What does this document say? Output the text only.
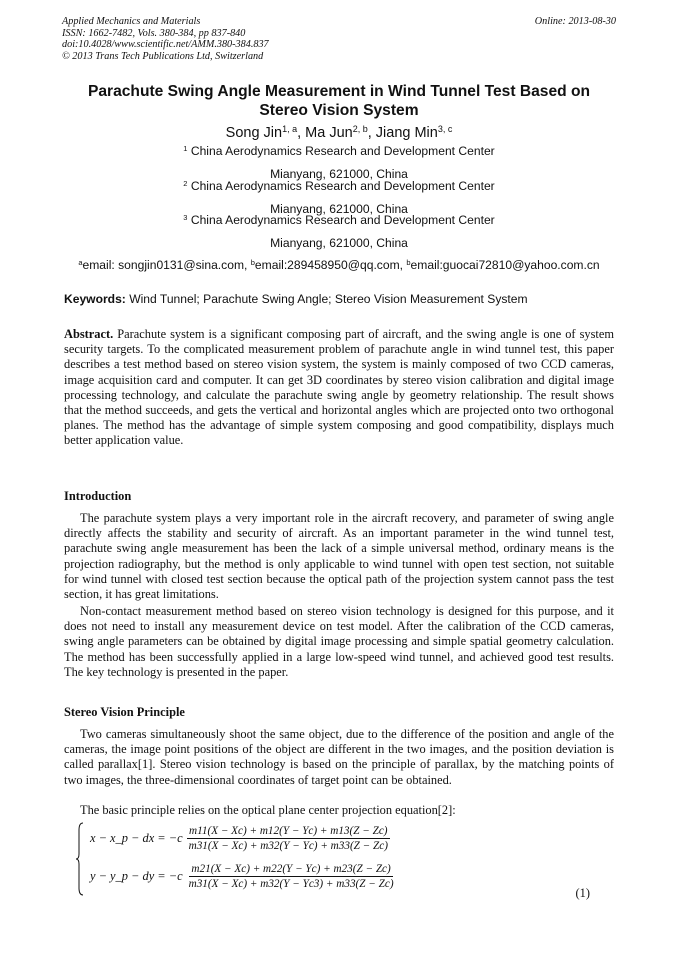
Applied Mechanics and Materials
ISSN: 1662-7482, Vols. 380-384, pp 837-840
doi:10.4028/www.scientific.net/AMM.380-384.837
© 2013 Trans Tech Publications Ltd, Switzerland
Online: 2013-08-30
Parachute Swing Angle Measurement in Wind Tunnel Test Based on
Stereo Vision System
Song Jin$^{1, a}$, Ma Jun$^{2, b}$, Jiang Min$^{3, c}$
$^1$ China Aerodynamics Research and Development Center
Mianyang, 621000, China
$^2$ China Aerodynamics Research and Development Center
Mianyang, 621000, China
$^3$ China Aerodynamics Research and Development Center
Mianyang, 621000, China
$^a$email: songjin0131@sina.com, $^b$email:289458950@qq.com, $^b$email:guocai72810@yahoo.com.cn
Keywords: Wind Tunnel; Parachute Swing Angle; Stereo Vision Measurement System
Abstract. Parachute system is a significant composing part of aircraft, and the swing angle is one of system security targets. To the complicated measurement problem of parachute angle in wind tunnel test, this paper describes a test method based on stereo vision system, the system is mainly composed of two CCD cameras, image acquisition card and computer. It can get 3D coordinates by stereo vision calibration and digital image processing technology, and calculate the parachute swing angle by geometry relationship. The result shows that the method succeeds, and gets the vertical and horizontal angles which are projected onto two orthogonal planes. The method has the advantage of simple system composing and good compatibility, displays much better application value.
Introduction
The parachute system plays a very important role in the aircraft recovery, and parameter of swing angle directly affects the stability and security of aircraft. As an important parameter in the wind tunnel test, parachute swing angle measurement has been the lack of a simple universal method, ordinary means is the projection radiography, but the method is only applicable to wind tunnel with open test section, not suitable for wind tunnel with closed test section because the optical path of the projection system cannot pass the test section, it has great limitations.
Non-contact measurement method based on stereo vision technology is designed for this purpose, and it does not need to install any measurement device on test model. After the calibration of the CCD cameras, swing angle parameters can be obtained by digital image processing and simple spatial geometry calculation. The method has been successfully applied in a large low-speed wind tunnel, and achieved good test results. The key technology is presented in the paper.
Stereo Vision Principle
Two cameras simultaneously shoot the same object, due to the difference of the position and angle of the cameras, the image point positions of the object are different in the two images, and the position deviation is called parallax[1]. Stereo vision technology is based on the principle of parallax, by the matching points of two images, the three-dimensional coordinates of target point can be obtained.
The basic principle relies on the optical plane center projection equation[2]:
x − x_p − dx = $-c \frac{m11(X - Xc) + m12(Y - Yc) + m13(Z - Zc)}{m31(X - Xc) + m32(Y - Yc) + m33(Z - Zc)}$
y − y_p − dy = $-c \frac{m21(X - Xc) + m22(Y - Yc) + m23(Z - Zc)}{m31(X - Xc) + m32(Y - Yc3) + m33(Z - Zc)}$
(1)
